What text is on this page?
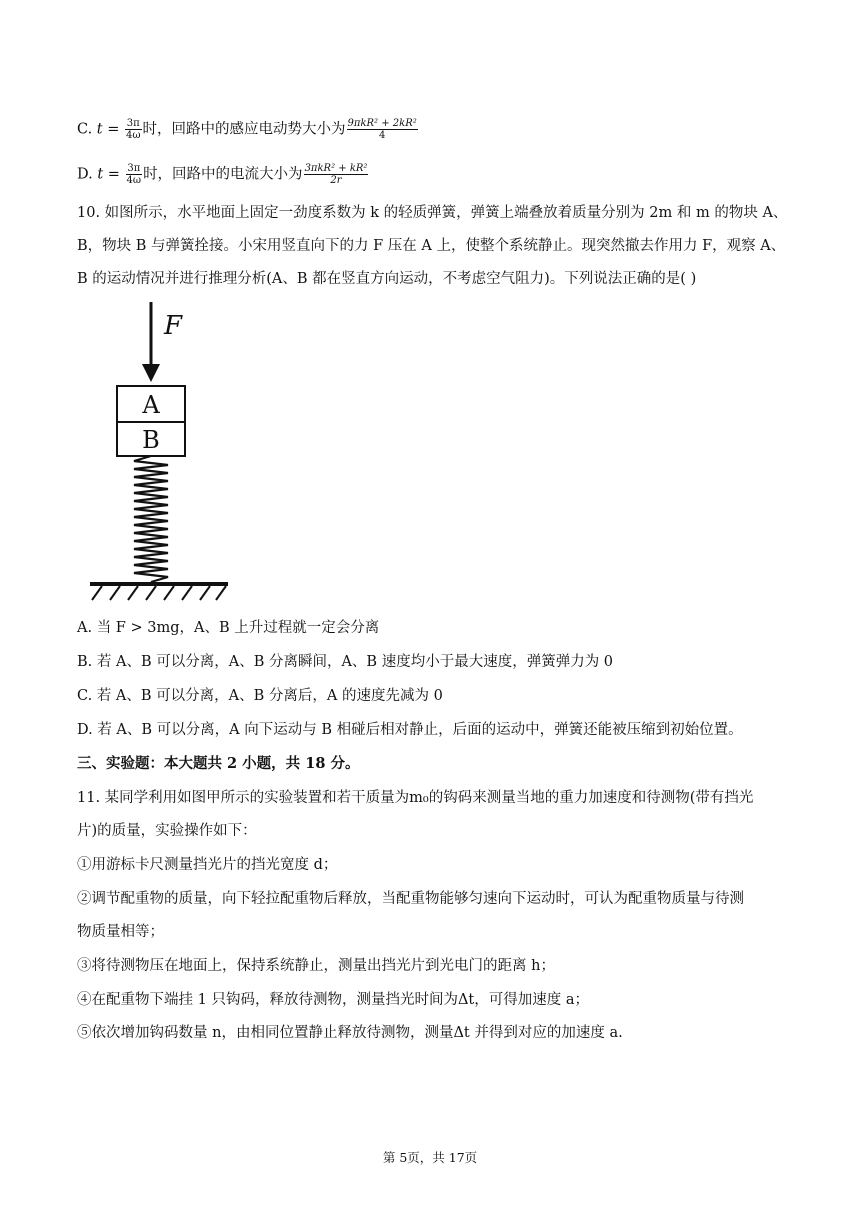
C. $t = \frac{3\pi}{4\omega}$ 时，回路中的感应电动势大小为 $\frac{\text{9πkR² + 2kR²}}{4}$
D. $t = \frac{3\pi}{4\omega}$ 时，回路中的电流大小为 $\frac{\text{3πkR² + kR²}}{2r}$
10. 如图所示，水平地面上固定一劲度系数为 k 的轻质弹簧，弹簧上端叠放着质量分别为 2m 和 m 的物块 A、
B，物块 B 与弹簧拴接。小宋用竖直向下的力 F 压在 A 上，使整个系统静止。现突然撤去作用力 F，观察 A、
B 的运动情况并进行推理分析(A、B 都在竖直方向运动，不考虑空气阻力)。下列说法正确的是( )
F
A
B
A. 当 F > 3mg，A、B 上升过程就一定会分离
B. 若 A、B 可以分离，A、B 分离瞬间，A、B 速度均小于最大速度，弹簧弹力为 0
C. 若 A、B 可以分离，A、B 分离后，A 的速度先减为 0
D. 若 A、B 可以分离，A 向下运动与 B 相碰后相对静止，后面的运动中，弹簧还能被压缩到初始位置。
三、实验题：本大题共 2 小题，共 18 分。
11. 某同学利用如图甲所示的实验装置和若干质量为m₀的钩码来测量当地的重力加速度和待测物(带有挡光
片)的质量，实验操作如下：
①用游标卡尺测量挡光片的挡光宽度 d；
②调节配重物的质量，向下轻拉配重物后释放，当配重物能够匀速向下运动时，可认为配重物质量与待测
物质量相等；
③将待测物压在地面上，保持系统静止，测量出挡光片到光电门的距离 h；
④在配重物下端挂 1 只钩码，释放待测物，测量挡光时间为Δt，可得加速度 a；
⑤依次增加钩码数量 n，由相同位置静止释放待测物，测量Δt 并得到对应的加速度 a.
第 5页，共 17页
